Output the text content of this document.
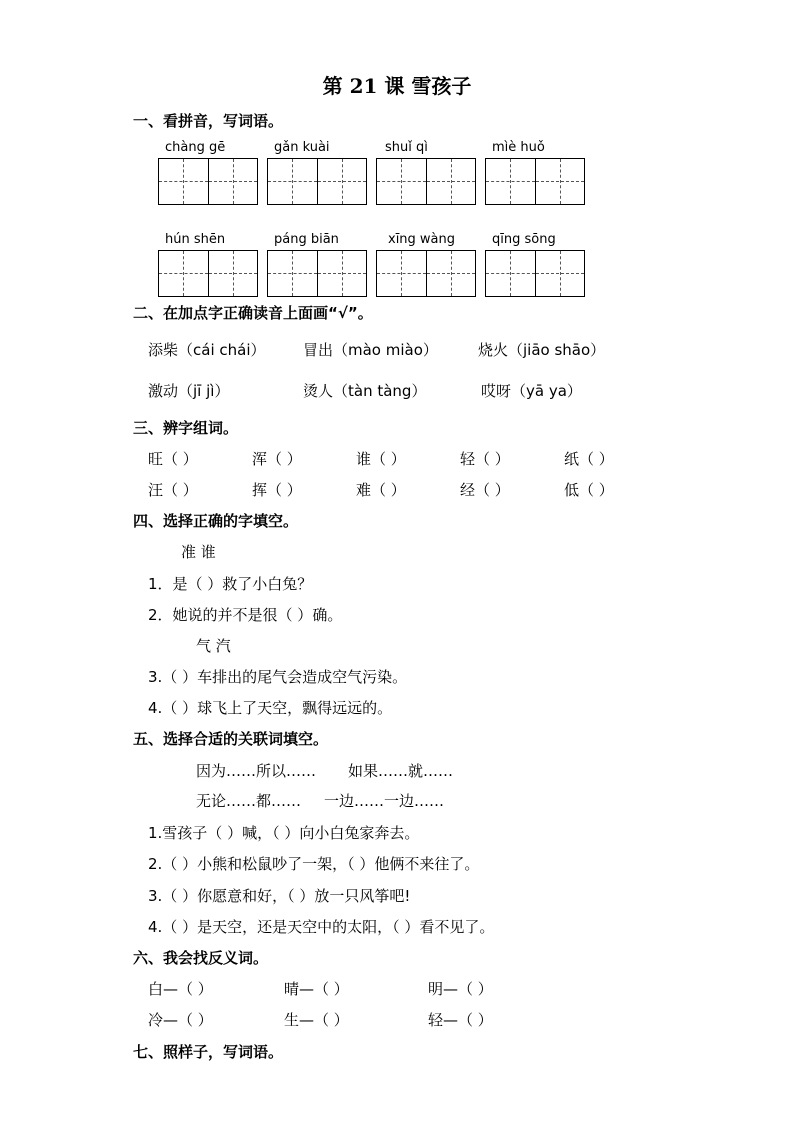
第 21 课 雪孩子
一、看拼音，写词语。
chàng gē	gǎn kuài	shuǐ qì	mìè huǒ
hún shēn	páng biān	xīng wàng	qīng sōng
二、在加点字正确读音上面画“√”。
添柴（cái chái）	冒出（mào miào）	烧火（jiāo shāo）
激动（jī jì）	烫人（tàn tàng）	哎呀（yā ya）
三、辨字组词。
旺（ ）	浑（ ）	谁（ ）	轻（ ）	纸（ ）
汪（ ）	挥（ ）	难（ ）	经（ ）	低（ ）
四、选择正确的字填空。
准 谁
1．是（ ）救了小白兔？
2．她说的并不是很（ ）确。
气 汽
3.（ ）车排出的尾气会造成空气污染。
4.（ ）球飞上了天空，飘得远远的。
五、选择合适的关联词填空。
因为……所以…… 如果……就……
无论……都…… 一边……一边……
1.雪孩子（ ）喊，（ ）向小白兔家奔去。
2.（ ）小熊和松鼠吵了一架，（ ）他俩不来往了。
3.（ ）你愿意和好，（ ）放一只风筝吧!
4.（ ）是天空，还是天空中的太阳，（ ）看不见了。
六、我会找反义词。
白—（ ）	晴—（ ）	明—（ ）
冷—（ ）	生—（ ）	轻—（ ）
七、照样子，写词语。
